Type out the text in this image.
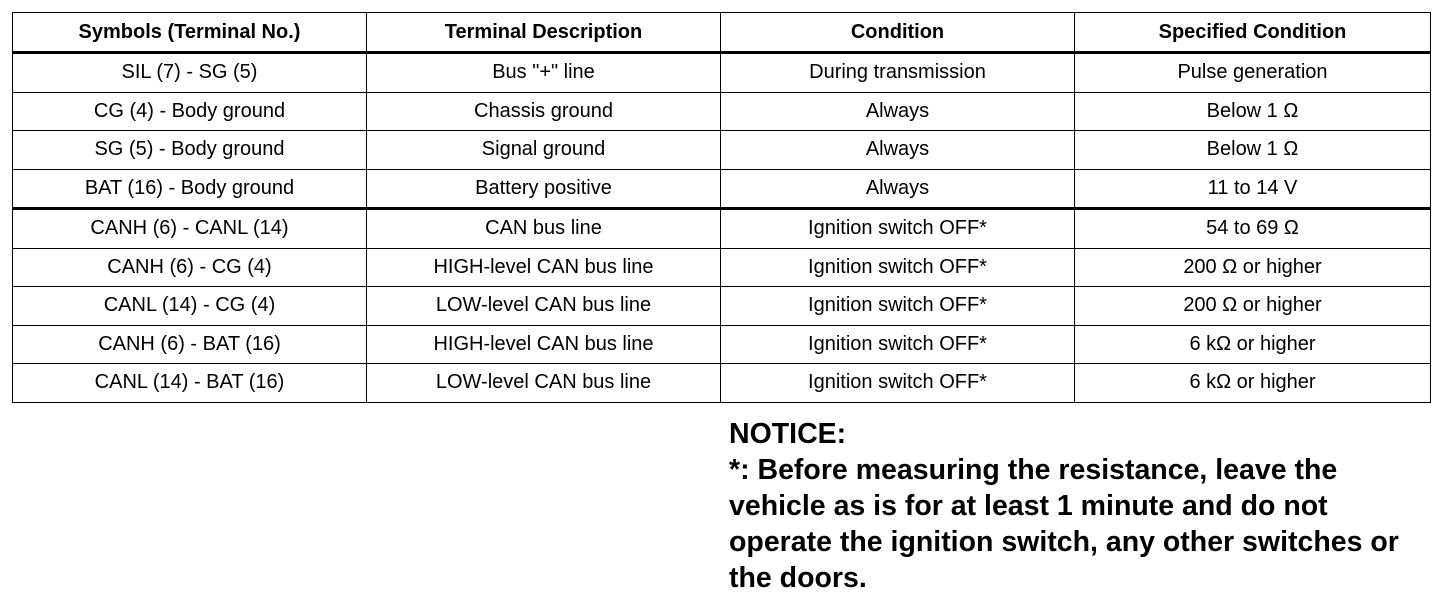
Symbols (Terminal No.)	Terminal Description	Condition	Specified Condition
SIL (7) - SG (5)	Bus "+" line	During transmission	Pulse generation
CG (4) - Body ground	Chassis ground	Always	Below 1 Ω
SG (5) - Body ground	Signal ground	Always	Below 1 Ω
BAT (16) - Body ground	Battery positive	Always	11 to 14 V
CANH (6) - CANL (14)	CAN bus line	Ignition switch OFF*	54 to 69 Ω
CANH (6) - CG (4)	HIGH-level CAN bus line	Ignition switch OFF*	200 Ω or higher
CANL (14) - CG (4)	LOW-level CAN bus line	Ignition switch OFF*	200 Ω or higher
CANH (6) - BAT (16)	HIGH-level CAN bus line	Ignition switch OFF*	6 kΩ or higher
CANL (14) - BAT (16)	LOW-level CAN bus line	Ignition switch OFF*	6 kΩ or higher
NOTICE:
*: Before measuring the resistance, leave the vehicle as is for at least 1 minute and do not operate the ignition switch, any other switches or the doors.
